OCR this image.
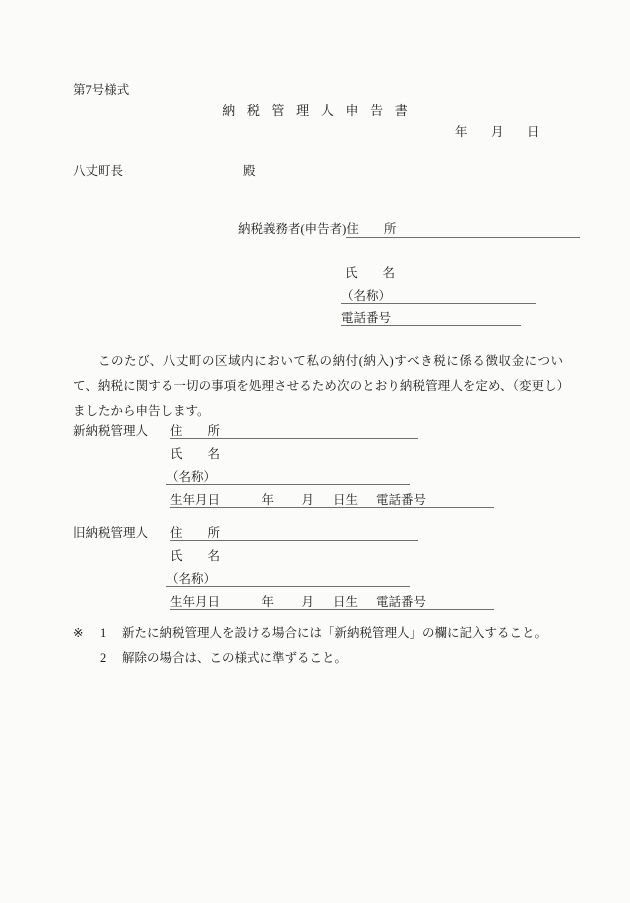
第7号様式
納 税 管 理 人 申 告 書
年 月 日
八丈町長	殿
納税義務者(申告者)住　　所
氏　　名
（名称）
電話番号
このたび、八丈町の区域内において私の納付(納入)すべき税に係る徴収金について、納税に関する一切の事項を処理させるため次のとおり納税管理人を定め、（変更し）ましたから申告します。
新納税管理人 住　　所
氏　　名
（名称）
生年月日	年 月 日生 電話番号
旧納税管理人 住　　所
氏　　名
（名称）
生年月日	年 月 日生 電話番号
※ 1 新たに納税管理人を設ける場合には「新納税管理人」の欄に記入すること。
2 解除の場合は、この様式に準ずること。
